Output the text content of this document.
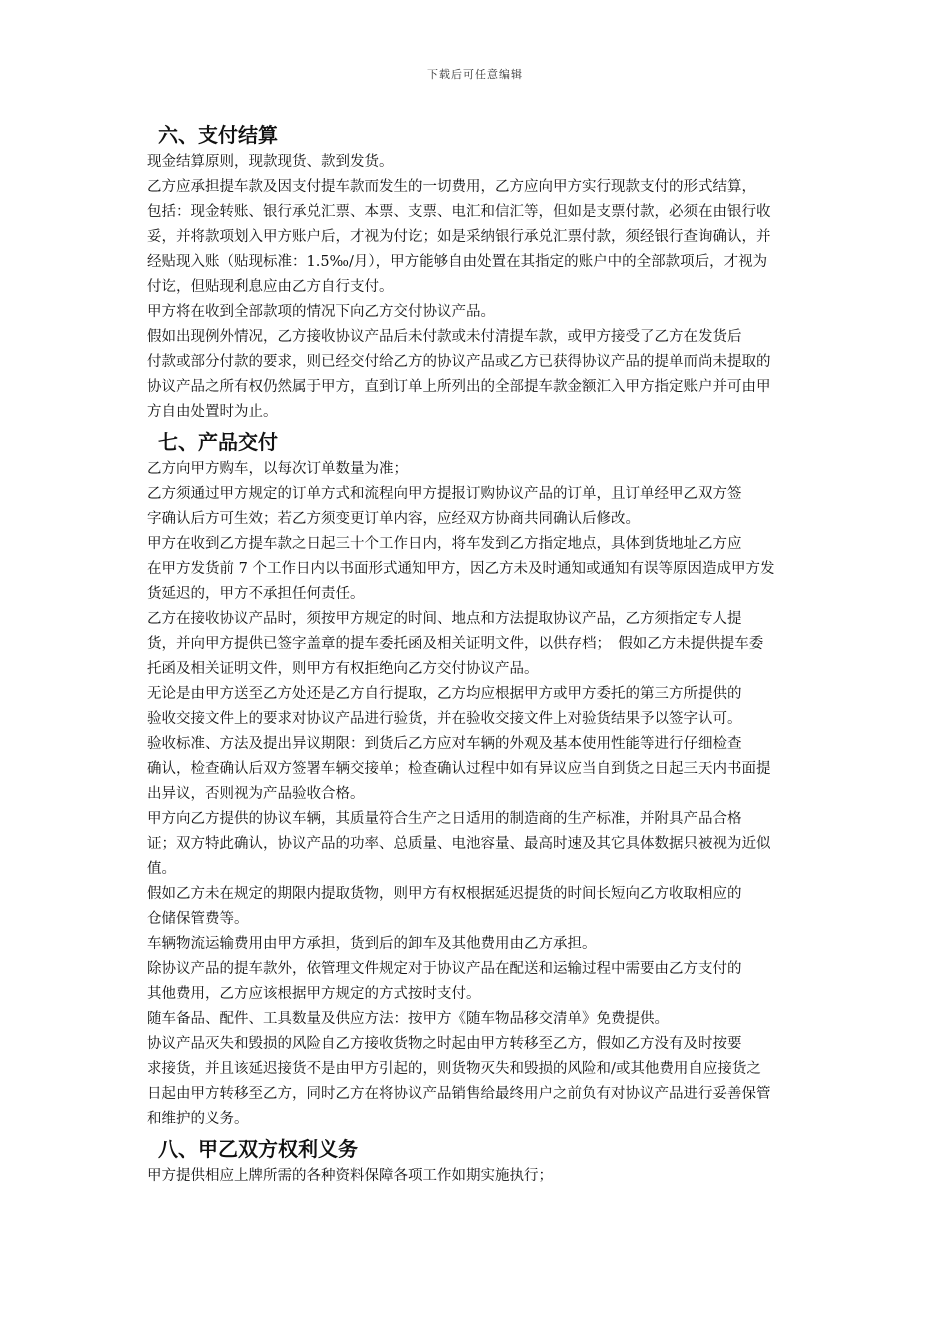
下载后可任意编辑
六、支付结算

现金结算原则，现款现货、款到发货。

乙方应承担提车款及因支付提车款而发生的一切费用，乙方应向甲方实行现款支付的形式结算，
包括：现金转账、银行承兑汇票、本票、支票、电汇和信汇等，但如是支票付款，必须在由银行收
妥，并将款项划入甲方账户后，才视为付讫；如是采纳银行承兑汇票付款，须经银行查询确认，并
经贴现入账（贴现标准：1.5‰/月），甲方能够自由处置在其指定的账户中的全部款项后，才视为
付讫，但贴现利息应由乙方自行支付。

甲方将在收到全部款项的情况下向乙方交付协议产品。

假如出现例外情况，乙方接收协议产品后未付款或未付清提车款，或甲方接受了乙方在发货后
付款或部分付款的要求，则已经交付给乙方的协议产品或乙方已获得协议产品的提单而尚未提取的
协议产品之所有权仍然属于甲方，直到订单上所列出的全部提车款金额汇入甲方指定账户并可由甲
方自由处置时为止。

七、产品交付

乙方向甲方购车，以每次订单数量为准；

乙方须通过甲方规定的订单方式和流程向甲方提报订购协议产品的订单，且订单经甲乙双方签
字确认后方可生效；若乙方须变更订单内容，应经双方协商共同确认后修改。

甲方在收到乙方提车款之日起三十个工作日内，将车发到乙方指定地点，具体到货地址乙方应
在甲方发货前 7 个工作日内以书面形式通知甲方，因乙方未及时通知或通知有误等原因造成甲方发
货延迟的，甲方不承担任何责任。

乙方在接收协议产品时，须按甲方规定的时间、地点和方法提取协议产品，乙方须指定专人提
货，并向甲方提供已签字盖章的提车委托函及相关证明文件，以供存档；　假如乙方未提供提车委
托函及相关证明文件，则甲方有权拒绝向乙方交付协议产品。

无论是由甲方送至乙方处还是乙方自行提取，乙方均应根据甲方或甲方委托的第三方所提供的
验收交接文件上的要求对协议产品进行验货，并在验收交接文件上对验货结果予以签字认可。

验收标准、方法及提出异议期限：到货后乙方应对车辆的外观及基本使用性能等进行仔细检查
确认，检查确认后双方签署车辆交接单；检查确认过程中如有异议应当自到货之日起三天内书面提
出异议，否则视为产品验收合格。

甲方向乙方提供的协议车辆，其质量符合生产之日适用的制造商的生产标准，并附具产品合格
证；双方特此确认，协议产品的功率、总质量、电池容量、最高时速及其它具体数据只被视为近似
值。

假如乙方未在规定的期限内提取货物，则甲方有权根据延迟提货的时间长短向乙方收取相应的
仓储保管费等。

车辆物流运输费用由甲方承担，货到后的卸车及其他费用由乙方承担。

除协议产品的提车款外，依管理文件规定对于协议产品在配送和运输过程中需要由乙方支付的
其他费用，乙方应该根据甲方规定的方式按时支付。

随车备品、配件、工具数量及供应方法：按甲方《随车物品移交清单》免费提供。

协议产品灭失和毁损的风险自乙方接收货物之时起由甲方转移至乙方，假如乙方没有及时按要
求接货，并且该延迟接货不是由甲方引起的，则货物灭失和毁损的风险和/或其他费用自应接货之
日起由甲方转移至乙方，同时乙方在将协议产品销售给最终用户之前负有对协议产品进行妥善保管
和维护的义务。

八、甲乙双方权利义务

甲方提供相应上牌所需的各种资料保障各项工作如期实施执行；
